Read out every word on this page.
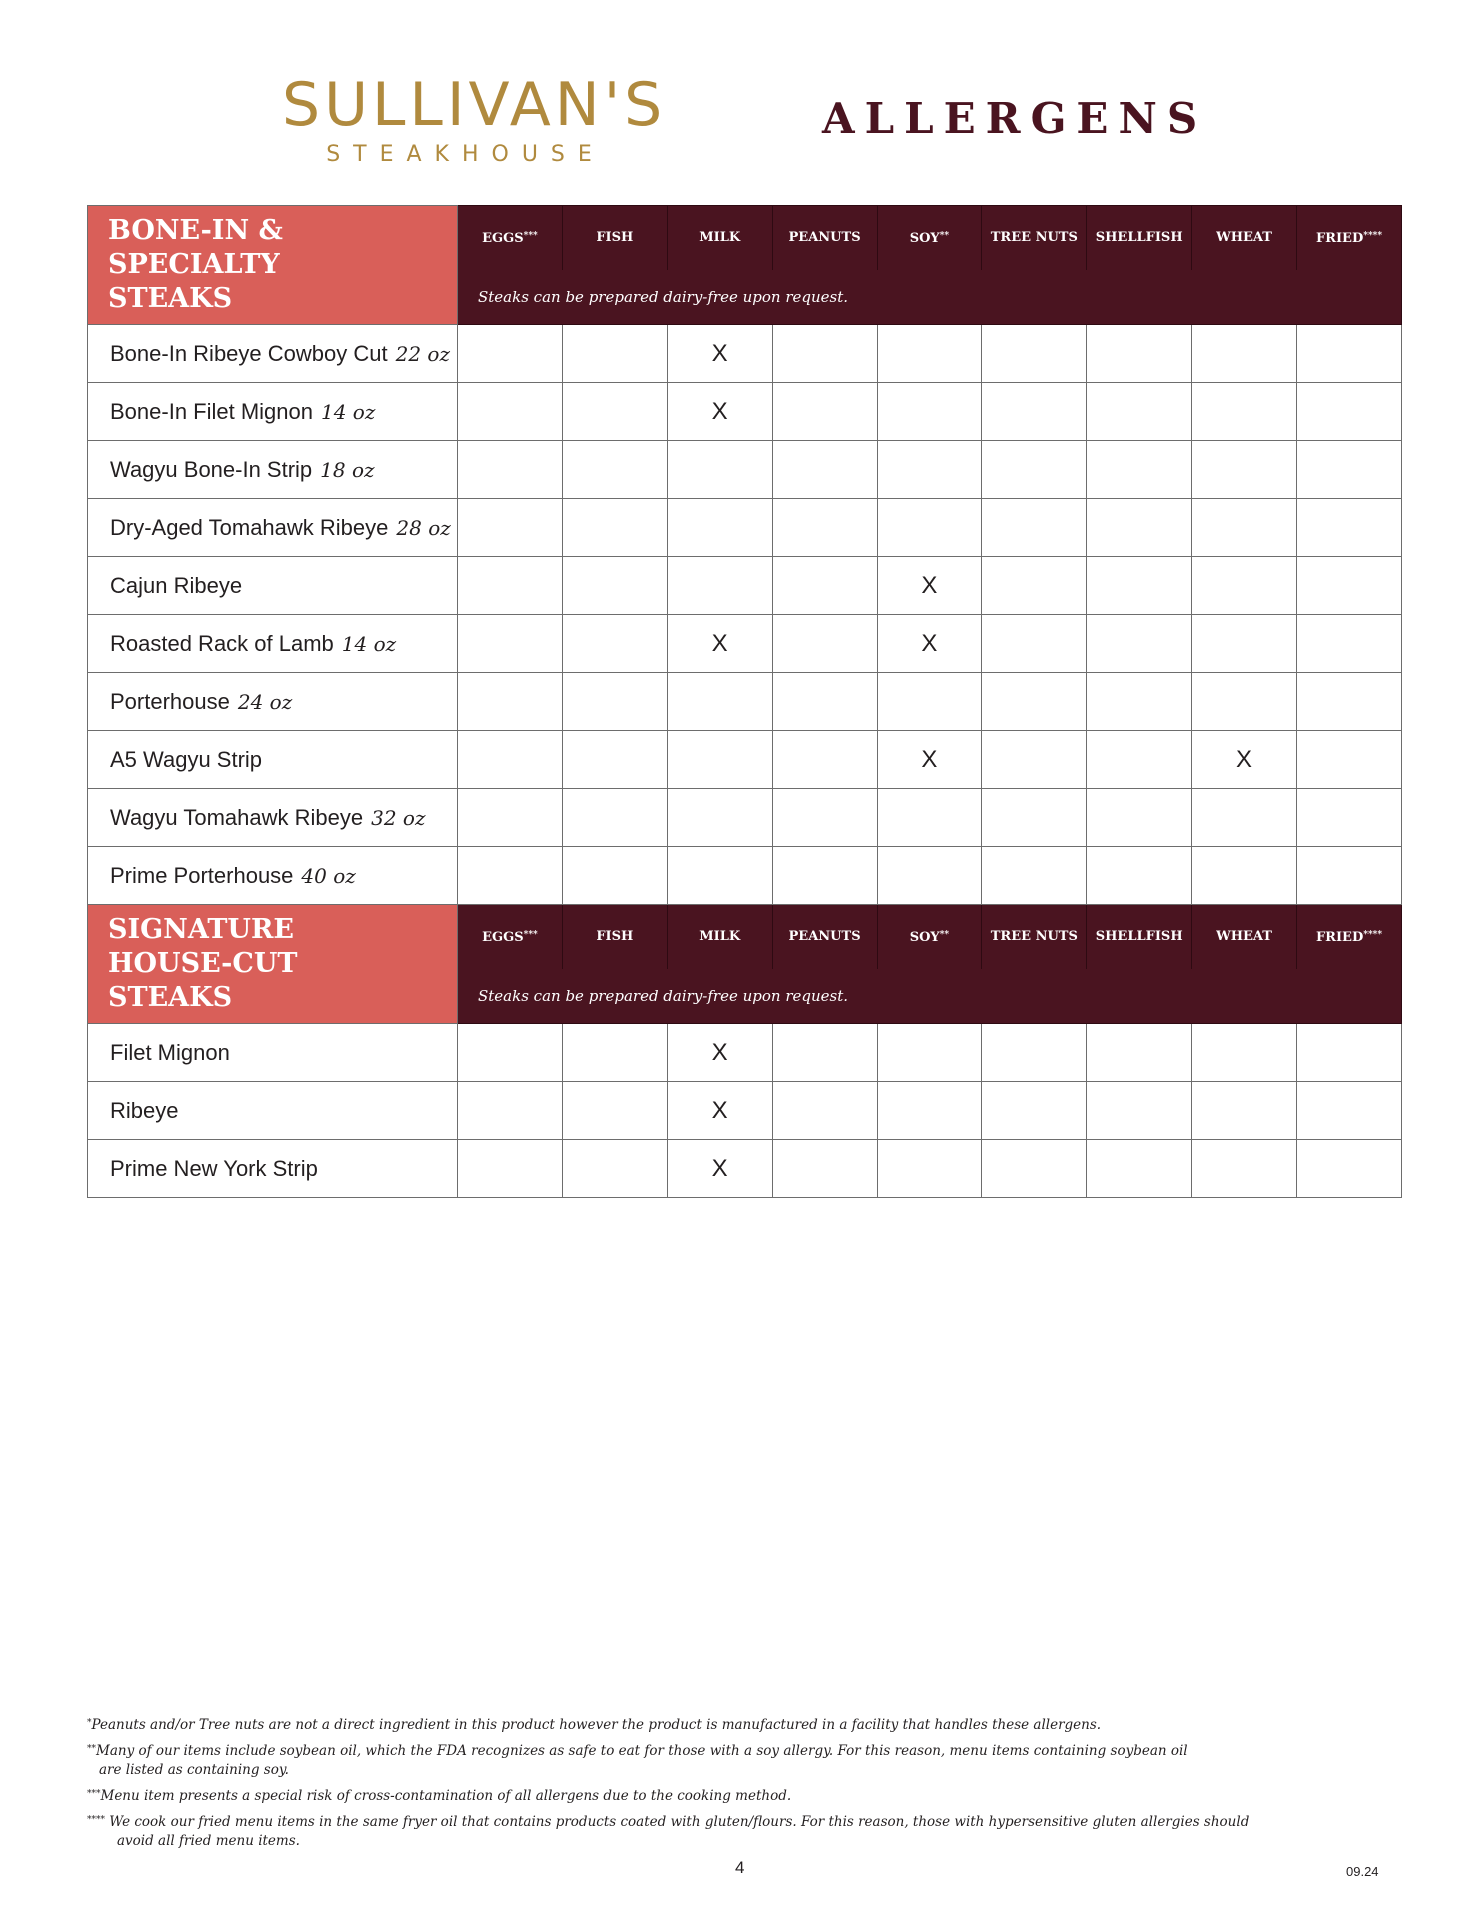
SULLIVAN'S
STEAKHOUSE
ALLERGENS
BONE-IN &
SPECIALTY
STEAKS	EGGS***	FISH	MILK	PEANUTS	SOY**	TREE NUTS	SHELLFISH	WHEAT	FRIED****
	Steaks can be prepared dairy-free upon request.								
Bone-In Ribeye Cowboy Cut 22 oz			X						
Bone-In Filet Mignon 14 oz			X						
Wagyu Bone-In Strip 18 oz									
Dry-Aged Tomahawk Ribeye 28 oz									
Cajun Ribeye					X				
Roasted Rack of Lamb 14 oz			X		X				
Porterhouse 24 oz									
A5 Wagyu Strip					X			X	
Wagyu Tomahawk Ribeye 32 oz									
Prime Porterhouse 40 oz									

SIGNATURE
HOUSE-CUT
STEAKS	EGGS***	FISH	MILK	PEANUTS	SOY**	TREE NUTS	SHELLFISH	WHEAT	FRIED****
	Steaks can be prepared dairy-free upon request.								
Filet Mignon			X						
Ribeye			X						
Prime New York Strip			X						

*Peanuts and/or Tree nuts are not a direct ingredient in this product however the product is manufactured in a facility that handles these allergens.

**Many of our items include soybean oil, which the FDA recognizes as safe to eat for those with a soy allergy. For this reason, menu items containing soybean oil
are listed as containing soy.

***Menu item presents a special risk of cross-contamination of all allergens due to the cooking method.

**** We cook our fried menu items in the same fryer oil that contains products coated with gluten/flours. For this reason, those with hypersensitive gluten allergies should
avoid all fried menu items.

4	09.24
